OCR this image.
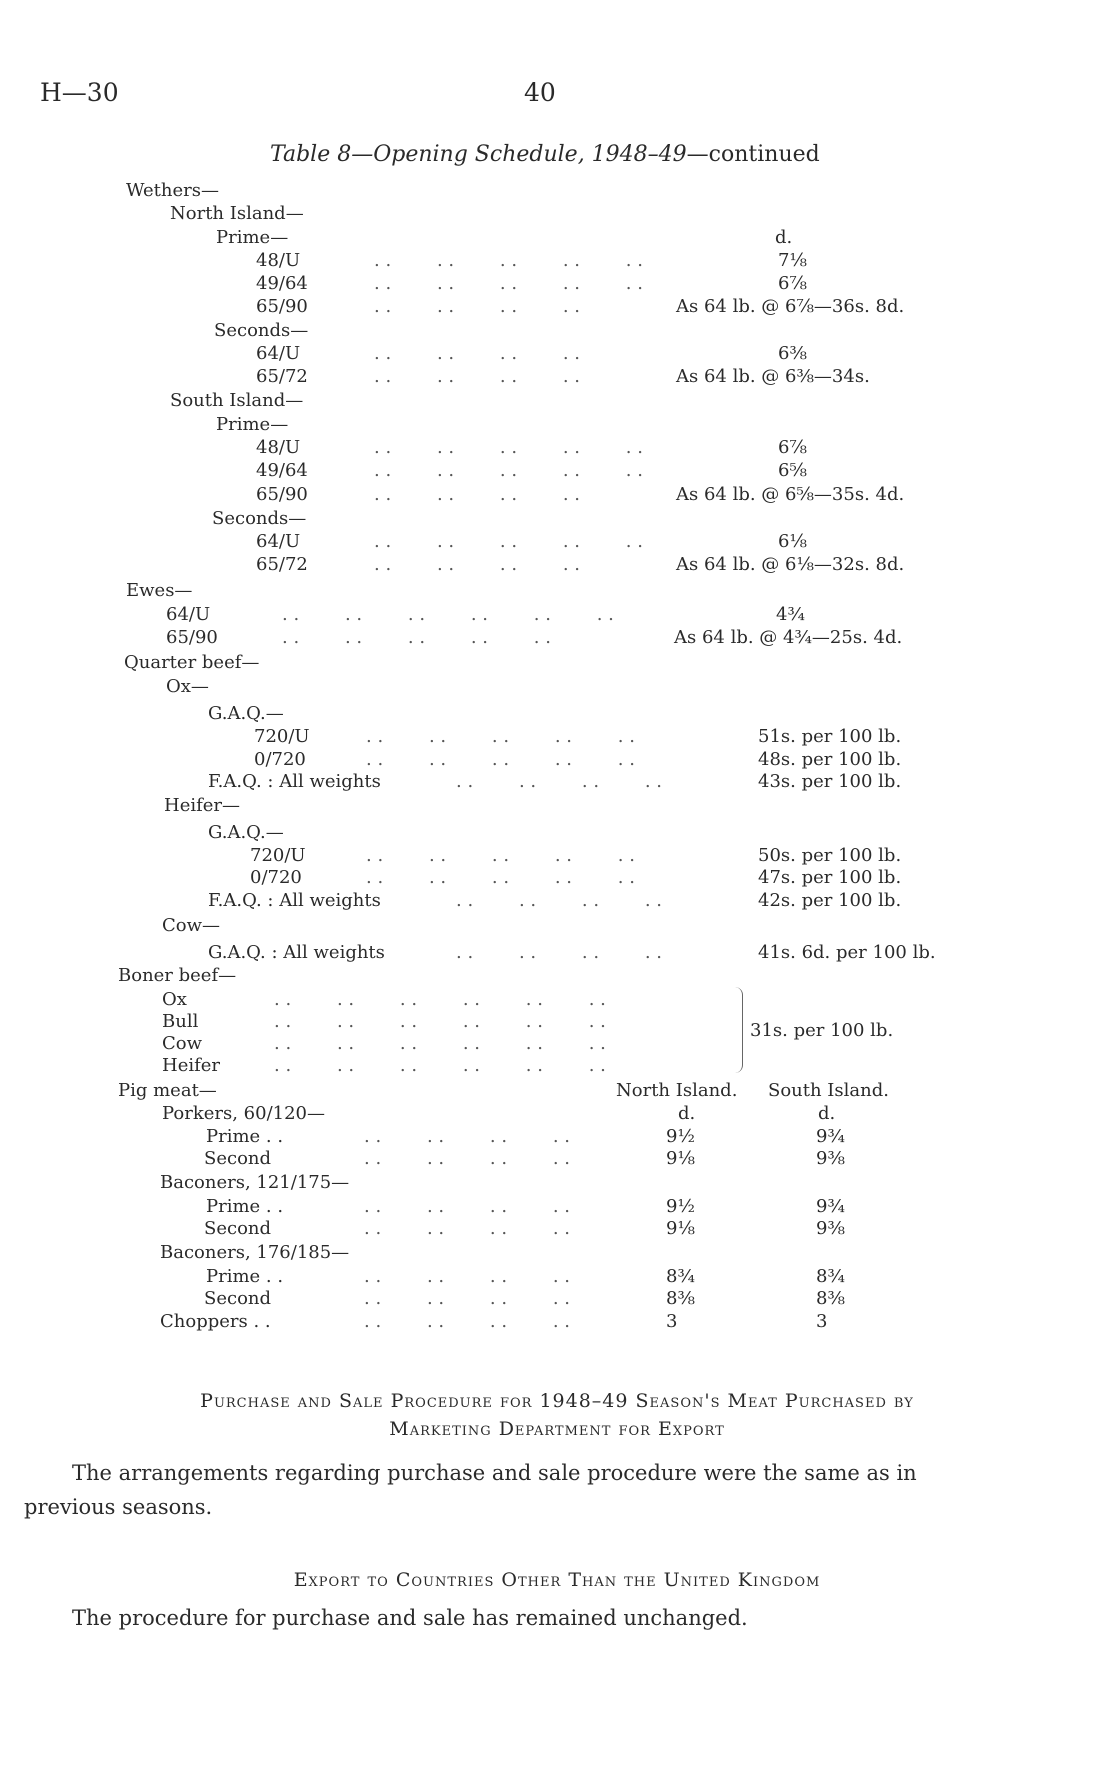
H—30	40
Table 8—Opening Schedule, 1948–49—continued
Wethers—
North Island—
Prime—	d.
48/U	. .        . .        . .        . .        . .	7⅛
49/64	. .        . .        . .        . .        . .	6⅞
65/90	. .        . .        . .        . .	As 64 lb. @ 6⅞—36s. 8d.
Seconds—
64/U	. .        . .        . .        . .	6⅜
65/72	. .        . .        . .        . .	As 64 lb. @ 6⅜—34s.
South Island—
Prime—
48/U	. .        . .        . .        . .        . .	6⅞
49/64	. .        . .        . .        . .        . .	6⅝
65/90	. .        . .        . .        . .	As 64 lb. @ 6⅝—35s. 4d.
Seconds—
64/U	. .        . .        . .        . .        . .	6⅛
65/72	. .        . .        . .        . .	As 64 lb. @ 6⅛—32s. 8d.
Ewes—
64/U	. .        . .        . .        . .        . .        . .	4¾
65/90	. .        . .        . .        . .        . .	As 64 lb. @ 4¾—25s. 4d.
Quarter beef—
Ox—
G.A.Q.—
720/U	. .        . .        . .        . .        . .	51s. per 100 lb.
0/720	. .        . .        . .        . .        . .	48s. per 100 lb.
F.A.Q. : All weights	. .        . .        . .        . .	43s. per 100 lb.
Heifer—
G.A.Q.—
720/U	. .        . .        . .        . .        . .	50s. per 100 lb.
0/720	. .        . .        . .        . .        . .	47s. per 100 lb.
F.A.Q. : All weights	. .        . .        . .        . .	42s. per 100 lb.
Cow—
G.A.Q. : All weights	. .        . .        . .        . .	41s. 6d. per 100 lb.
Boner beef—
Ox	. .        . .        . .        . .        . .        . .
Bull	. .        . .        . .        . .        . .        . .
Cow	. .        . .        . .        . .        . .        . .
Heifer	. .        . .        . .        . .        . .        . .
31s. per 100 lb.
Pig meat—	North Island. South Island.
Porkers, 60/120—	d.	d.
Prime . .	. .        . .        . .        . .	9½	9¾
Second	. .        . .        . .        . .	9⅛	9⅜
Baconers, 121/175—
Prime . .	. .        . .        . .        . .	9½	9¾
Second	. .        . .        . .        . .	9⅛	9⅜
Baconers, 176/185—
Prime . .	. .        . .        . .        . .	8¾	8¾
Second	. .        . .        . .        . .	8⅜	8⅜
Choppers . .	. .        . .        . .        . .	3	3
Purchase and Sale Procedure for 1948–49 Season's Meat Purchased by
Marketing Department for Export
The arrangements regarding purchase and sale procedure were the same as in
previous seasons.
Export to Countries Other Than the United Kingdom
The procedure for purchase and sale has remained unchanged.
